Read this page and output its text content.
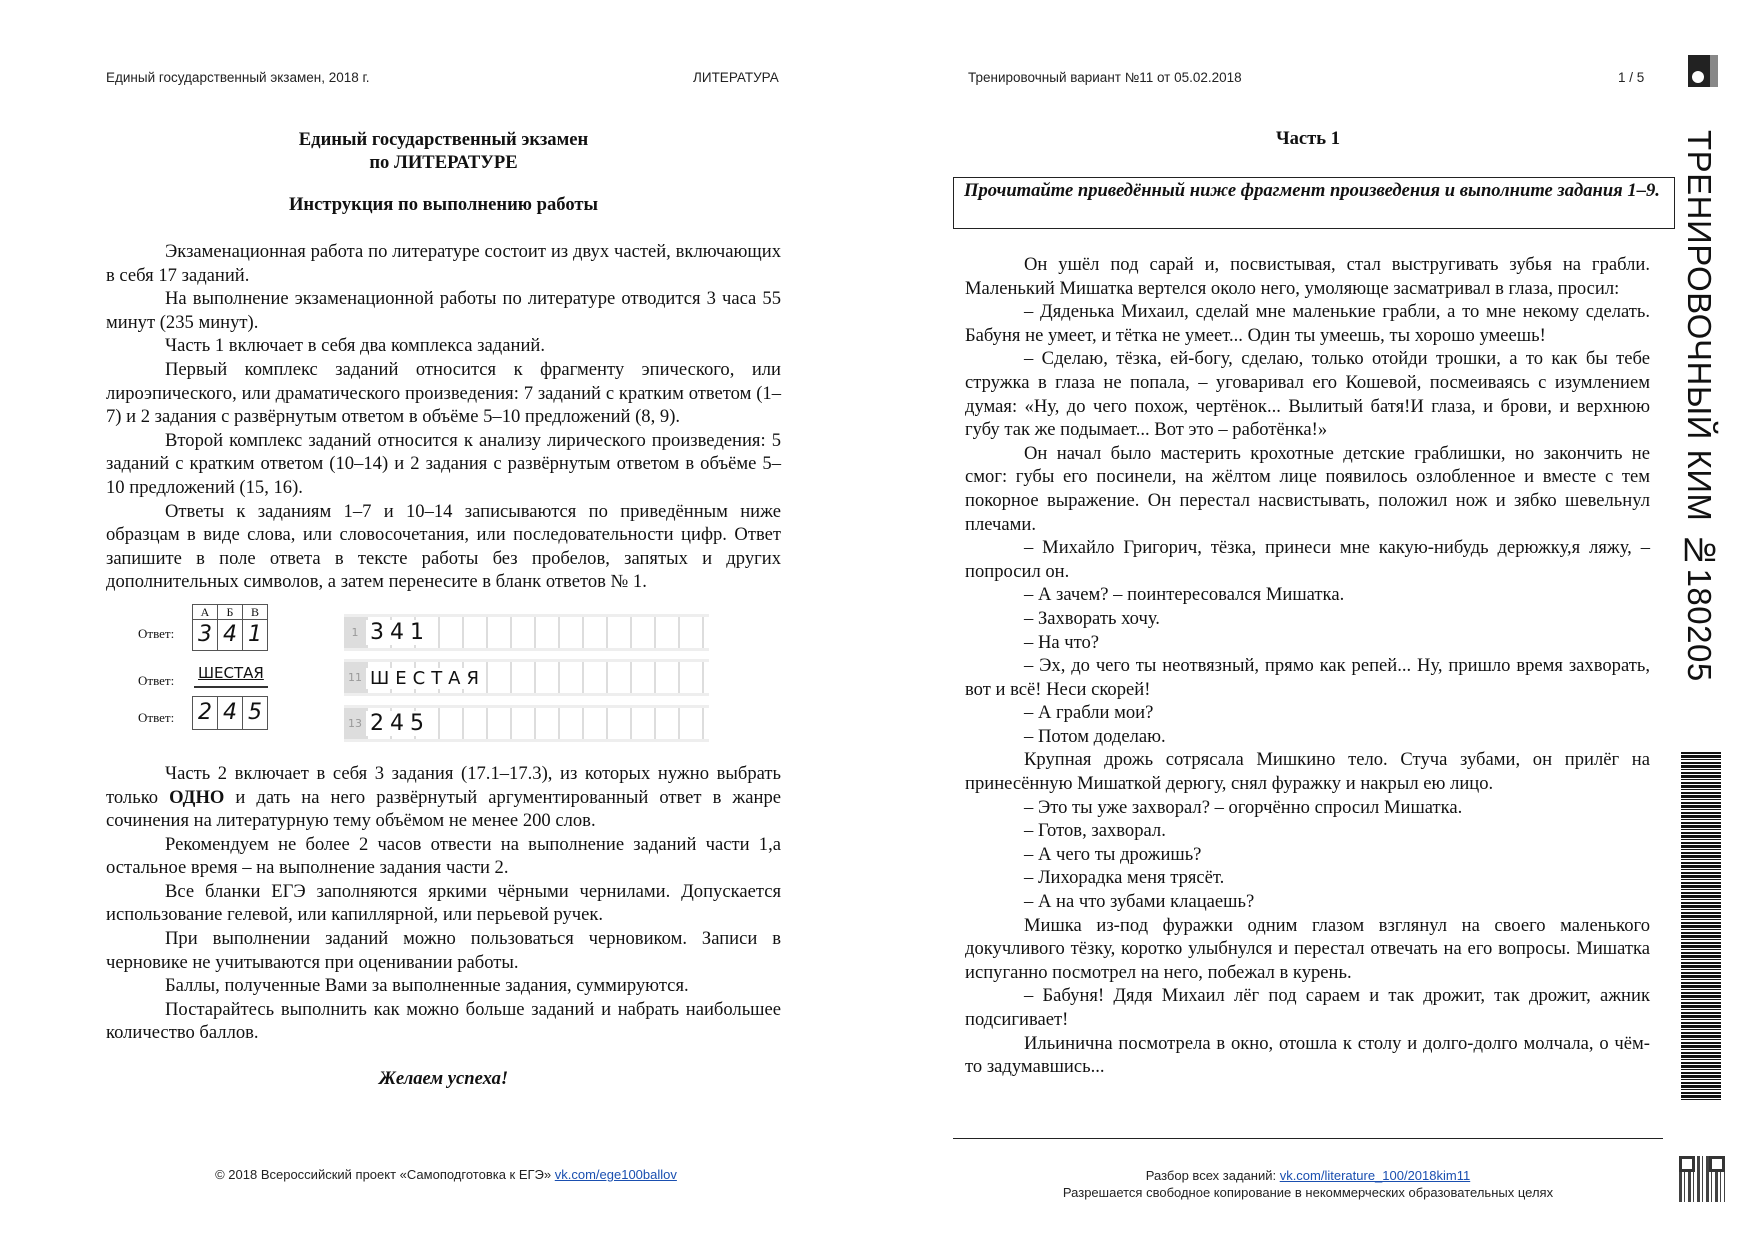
Единый государственный экзамен, 2018 г.	ЛИТЕРАТУРА	Тренировочный вариант №11 от 05.02.2018	1 / 5
Единый государственный экзамен
по ЛИТЕРАТУРЕ
Инструкция по выполнению работы

Экзаменационная работа по литературе состоит из двух частей, включающих в себя 17 заданий.

На выполнение экзаменационной работы по литературе отводится 3 часа 55 минут (235 минут).

Часть 1 включает в себя два комплекса заданий.

Первый комплекс заданий относится к фрагменту эпического, или лироэпического, или драматического произведения: 7 заданий с кратким ответом (1–7) и 2 задания с развёрнутым ответом в объёме 5–10 предложений (8, 9).

Второй комплекс заданий относится к анализу лирического произведения: 5 заданий с кратким ответом (10–14) и 2 задания с развёрнутым ответом в объёме 5–10 предложений (15, 16).

Ответы к заданиям 1–7 и 10–14 записываются по приведённым ниже образцам в виде слова, или словосочетания, или последовательности цифр. Ответ запишите в поле ответа в тексте работы без пробелов, запятых и других дополнительных символов, а затем перенесите в бланк ответов № 1.

Ответ:
А	Б	В
3 4 1	1 341
Ответ: ШЕСТАЯ	11 ШЕСТАЯ
Ответ: 2 4 5	13 245

Часть 2 включает в себя 3 задания (17.1–17.3), из которых нужно выбрать только ОДНО и дать на него развёрнутый аргументированный ответ в жанре сочинения на литературную тему объёмом не менее 200 слов.

Рекомендуем не более 2 часов отвести на выполнение заданий части 1,а остальное время – на выполнение задания части 2.

Все бланки ЕГЭ заполняются яркими чёрными чернилами. Допускается использование гелевой, или капиллярной, или перьевой ручек.

При выполнении заданий можно пользоваться черновиком. Записи в черновике не учитываются при оценивании работы.

Баллы, полученные Вами за выполненные задания, суммируются.

Постарайтесь выполнить как можно больше заданий и набрать наибольшее количество баллов.

Желаем успеха!
Часть 1
Прочитайте приведённый ниже фрагмент произведения и выполните задания 1–9.

Он ушёл под сарай и, посвистывая, стал выстругивать зубья на грабли. Маленький Мишатка вертелся около него, умоляюще засматривал в глаза, просил:

– Дяденька Михаил, сделай мне маленькие грабли, а то мне некому сделать. Бабуня не умеет, и тётка не умеет... Один ты умеешь, ты хорошо умеешь!

– Сделаю, тёзка, ей-богу, сделаю, только отойди трошки, а то как бы тебе стружка в глаза не попала, – уговаривал его Кошевой, посмеиваясь с изумлением думая: «Ну, до чего похож, чертёнок... Вылитый батя!И глаза, и брови, и верхнюю губу так же подымает... Вот это – работёнка!»

Он начал было мастерить крохотные детские граблишки, но закончить не смог: губы его посинели, на жёлтом лице появилось озлобленное и вместе с тем покорное выражение. Он перестал насвистывать, положил нож и зябко шевельнул плечами.

– Михайло Григорич, тёзка, принеси мне какую-нибудь дерюжку,я ляжу, – попросил он.

– А зачем? – поинтересовался Мишатка.

– Захворать хочу.

– На что?

– Эх, до чего ты неотвязный, прямо как репей... Ну, пришло время захворать, вот и всё! Неси скорей!

– А грабли мои?

– Потом доделаю.

Крупная дрожь сотрясала Мишкино тело. Стуча зубами, он прилёг на принесённую Мишаткой дерюгу, снял фуражку и накрыл ею лицо.

– Это ты уже захворал? – огорчённо спросил Мишатка.

– Готов, захворал.

– А чего ты дрожишь?

– Лихорадка меня трясёт.

– А на что зубами клацаешь?

Мишка из-под фуражки одним глазом взглянул на своего маленького докучливого тёзку, коротко улыбнулся и перестал отвечать на его вопросы. Мишатка испуганно посмотрел на него, побежал в курень.

– Бабуня! Дядя Михаил лёг под сараем и так дрожит, так дрожит, ажник подсигивает!

Ильинична посмотрела в окно, отошла к столу и долго-долго молчала, о чём-то задумавшись...

© 2018 Всероссийский проект «Самоподготовка к ЕГЭ» vk.com/ege100ballov	Разбор всех заданий: vk.com/literature_100/2018kim11
Разрешается свободное копирование в некоммерческих образовательных целях
ТРЕНИРОВОЧНЫЙ КИМ №180205
